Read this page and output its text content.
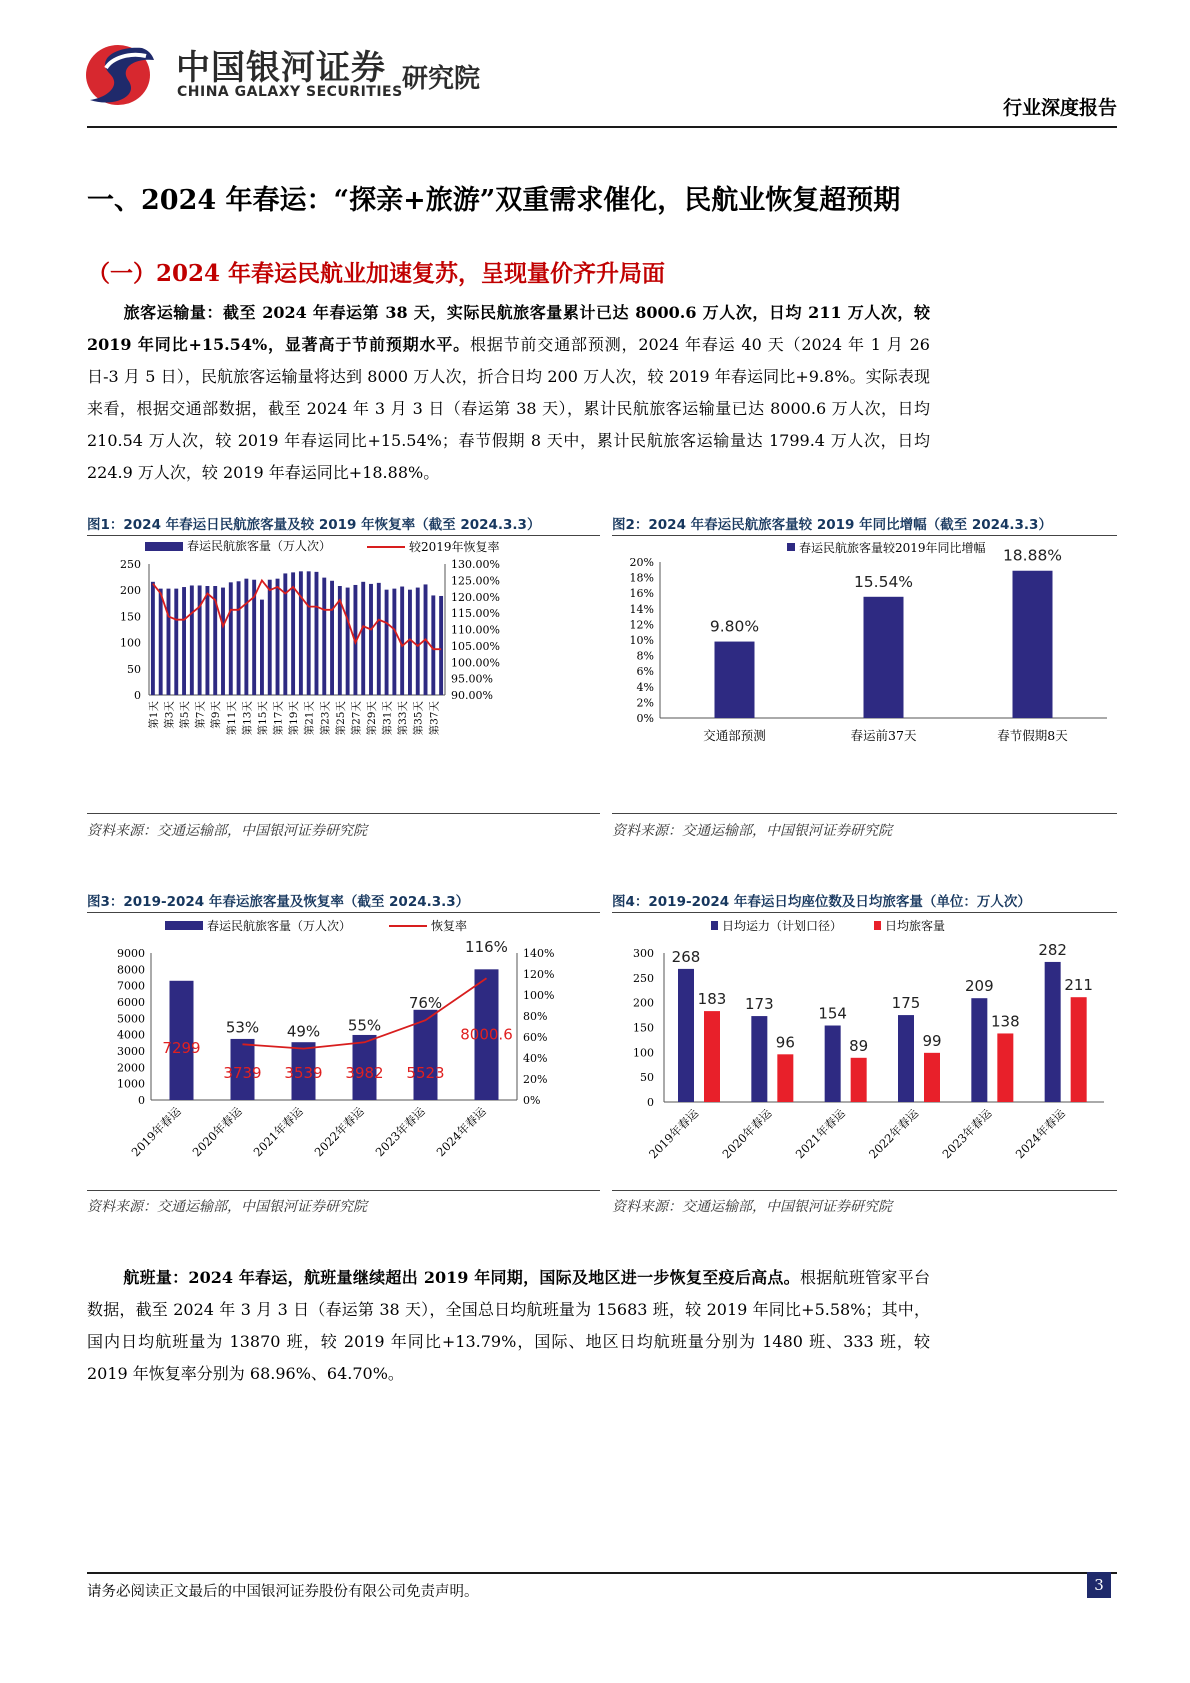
中国银河证券
CHINA GALAXY SECURITIES 研究院
行业深度报告
一、2024 年春运：“探亲+旅游”双重需求催化，民航业恢复超预期
（一）2024 年春运民航业加速复苏，呈现量价齐升局面

旅客运输量：截至 2024 年春运第 38 天，实际民航旅客量累计已达 8000.6 万人次，日均 211 万人次，较 2019 年同比+15.54%，显著高于节前预期水平。根据节前交通部预测，2024 年春运 40 天（2024 年 1 月 26 日-3 月 5 日），民航旅客运输量将达到 8000 万人次，折合日均 200 万人次，较 2019 年春运同比+9.8%。实际表现来看，根据交通部数据，截至 2024 年 3 月 3 日（春运第 38 天），累计民航旅客运输量已达 8000.6 万人次，日均 210.54 万人次，较 2019 年春运同比+15.54%；春节假期 8 天中，累计民航旅客运输量达 1799.4 万人次，日均 224.9 万人次，较 2019 年春运同比+18.88%。

图1：2024 年春运日民航旅客量及较 2019 年恢复率（截至 2024.3.3）
春运民航旅客量（万人次）	较2019年恢复率
0
50
100
150
200
250
90.00%
95.00%
100.00%
105.00%
110.00%
115.00%
120.00%
125.00%
130.00%
第1天 第3天 第5天 第7天 第9天 第11天 第13天 第15天 第17天 第19天 第21天 第23天 第25天 第27天 第29天 第31天 第33天 第35天 第37天
资料来源：交通运输部，中国银河证券研究院
图2：2024 年春运民航旅客量较 2019 年同比增幅（截至 2024.3.3）
春运民航旅客量较2019年同比增幅
0%
2%
4%
6%
8%
10%
12%
14%
16%
18%
20%
9.80%
交通部预测
15.54%
春运前37天
18.88%
春节假期8天
资料来源：交通运输部，中国银河证券研究院
图3：2019-2024 年春运旅客量及恢复率（截至 2024.3.3）
春运民航旅客量（万人次）	恢复率
0
1000
2000
3000
4000
5000
6000
7000
8000
9000
0%
20%
40%
60%
80%
100%
120%
140%
7299
2019年春运
3739
2020年春运
3539
2021年春运
3982
2022年春运
5523
2023年春运
8000.6
2024年春运
53% 49% 55%
76%
116%
资料来源：交通运输部，中国银河证券研究院
图4：2019-2024 年春运日均座位数及日均旅客量（单位：万人次）
日均运力（计划口径）	日均旅客量
0
50
100
150
200
250
300 268
183
2019年春运
173
96
2020年春运
154
89
2021年春运
175
99
2022年春运
209
138
2023年春运
282
211
2024年春运
资料来源：交通运输部，中国银河证券研究院

航班量：2024 年春运，航班量继续超出 2019 年同期，国际及地区进一步恢复至疫后高点。根据航班管家平台数据，截至 2024 年 3 月 3 日（春运第 38 天），全国总日均航班量为 15683 班，较 2019 年同比+5.58%；其中，国内日均航班量为 13870 班，较 2019 年同比+13.79%，国际、地区日均航班量分别为 1480 班、333 班，较 2019 年恢复率分别为 68.96%、64.70%。

请务必阅读正文最后的中国银河证券股份有限公司免责声明。	3
